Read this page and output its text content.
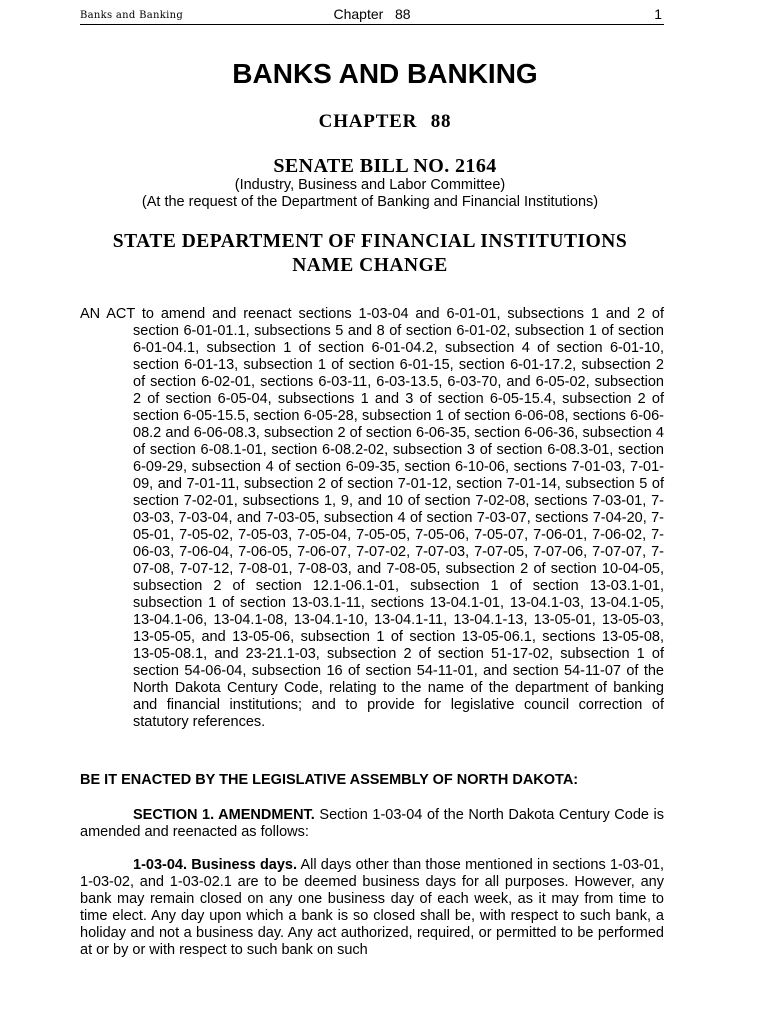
Banks and Banking	Chapter   88	1
BANKS AND BANKING
CHAPTER 88
SENATE BILL NO. 2164
(Industry, Business and Labor Committee)
(At the request of the Department of Banking and Financial Institutions)
STATE DEPARTMENT OF FINANCIAL INSTITUTIONS
NAME CHANGE
AN ACT to amend and reenact sections 1-03-04 and 6-01-01, subsections 1 and 2 of section 6-01-01.1, subsections 5 and 8 of section 6-01-02, subsection 1 of section 6-01-04.1, subsection 1 of section 6-01-04.2, subsection 4 of section 6-01-10, section 6-01-13, subsection 1 of section 6-01-15, section 6-01-17.2, subsection 2 of section 6-02-01, sections 6-03-11, 6-03-13.5, 6-03-70, and 6-05-02, subsection 2 of section 6-05-04, subsections 1 and 3 of section 6-05-15.4, subsection 2 of section 6-05-15.5, section 6-05-28, subsection 1 of section 6-06-08, sections 6-06-08.2 and 6-06-08.3, subsection 2 of section 6-06-35, section 6-06-36, subsection 4 of section 6-08.1-01, section 6-08.2-02, subsection 3 of section 6-08.3-01, section 6-09-29, subsection 4 of section 6-09-35, section 6-10-06, sections 7-01-03, 7-01-09, and 7-01-11, subsection 2 of section 7-01-12, section 7-01-14, subsection 5 of section 7-02-01, subsections 1, 9, and 10 of section 7-02-08, sections 7-03-01, 7-03-03, 7-03-04, and 7-03-05, subsection 4 of section 7-03-07, sections 7-04-20, 7-05-01, 7-05-02, 7-05-03, 7-05-04, 7-05-05, 7-05-06, 7-05-07, 7-06-01, 7-06-02, 7-06-03, 7-06-04, 7-06-05, 7-06-07, 7-07-02, 7-07-03, 7-07-05, 7-07-06, 7-07-07, 7-07-08, 7-07-12, 7-08-01, 7-08-03, and 7-08-05, subsection 2 of section 10-04-05, subsection 2 of section 12.1-06.1-01, subsection 1 of section 13-03.1-01, subsection 1 of section 13-03.1-11, sections 13-04.1-01, 13-04.1-03, 13-04.1-05, 13-04.1-06, 13-04.1-08, 13-04.1-10, 13-04.1-11, 13-04.1-13, 13-05-01, 13-05-03, 13-05-05, and 13-05-06, subsection 1 of section 13-05-06.1, sections 13-05-08, 13-05-08.1, and 23-21.1-03, subsection 2 of section 51-17-02, subsection 1 of section 54-06-04, subsection 16 of section 54-11-01, and section 54-11-07 of the North Dakota Century Code, relating to the name of the department of banking and financial institutions; and to provide for legislative council correction of statutory references.
BE IT ENACTED BY THE LEGISLATIVE ASSEMBLY OF NORTH DAKOTA:
SECTION 1. AMENDMENT. Section 1-03-04 of the North Dakota Century Code is amended and reenacted as follows:
1-03-04. Business days. All days other than those mentioned in sections 1-03-01, 1-03-02, and 1-03-02.1 are to be deemed business days for all purposes. However, any bank may remain closed on any one business day of each week, as it may from time to time elect. Any day upon which a bank is so closed shall be, with respect to such bank, a holiday and not a business day. Any act authorized, required, or permitted to be performed at or by or with respect to such bank on such
